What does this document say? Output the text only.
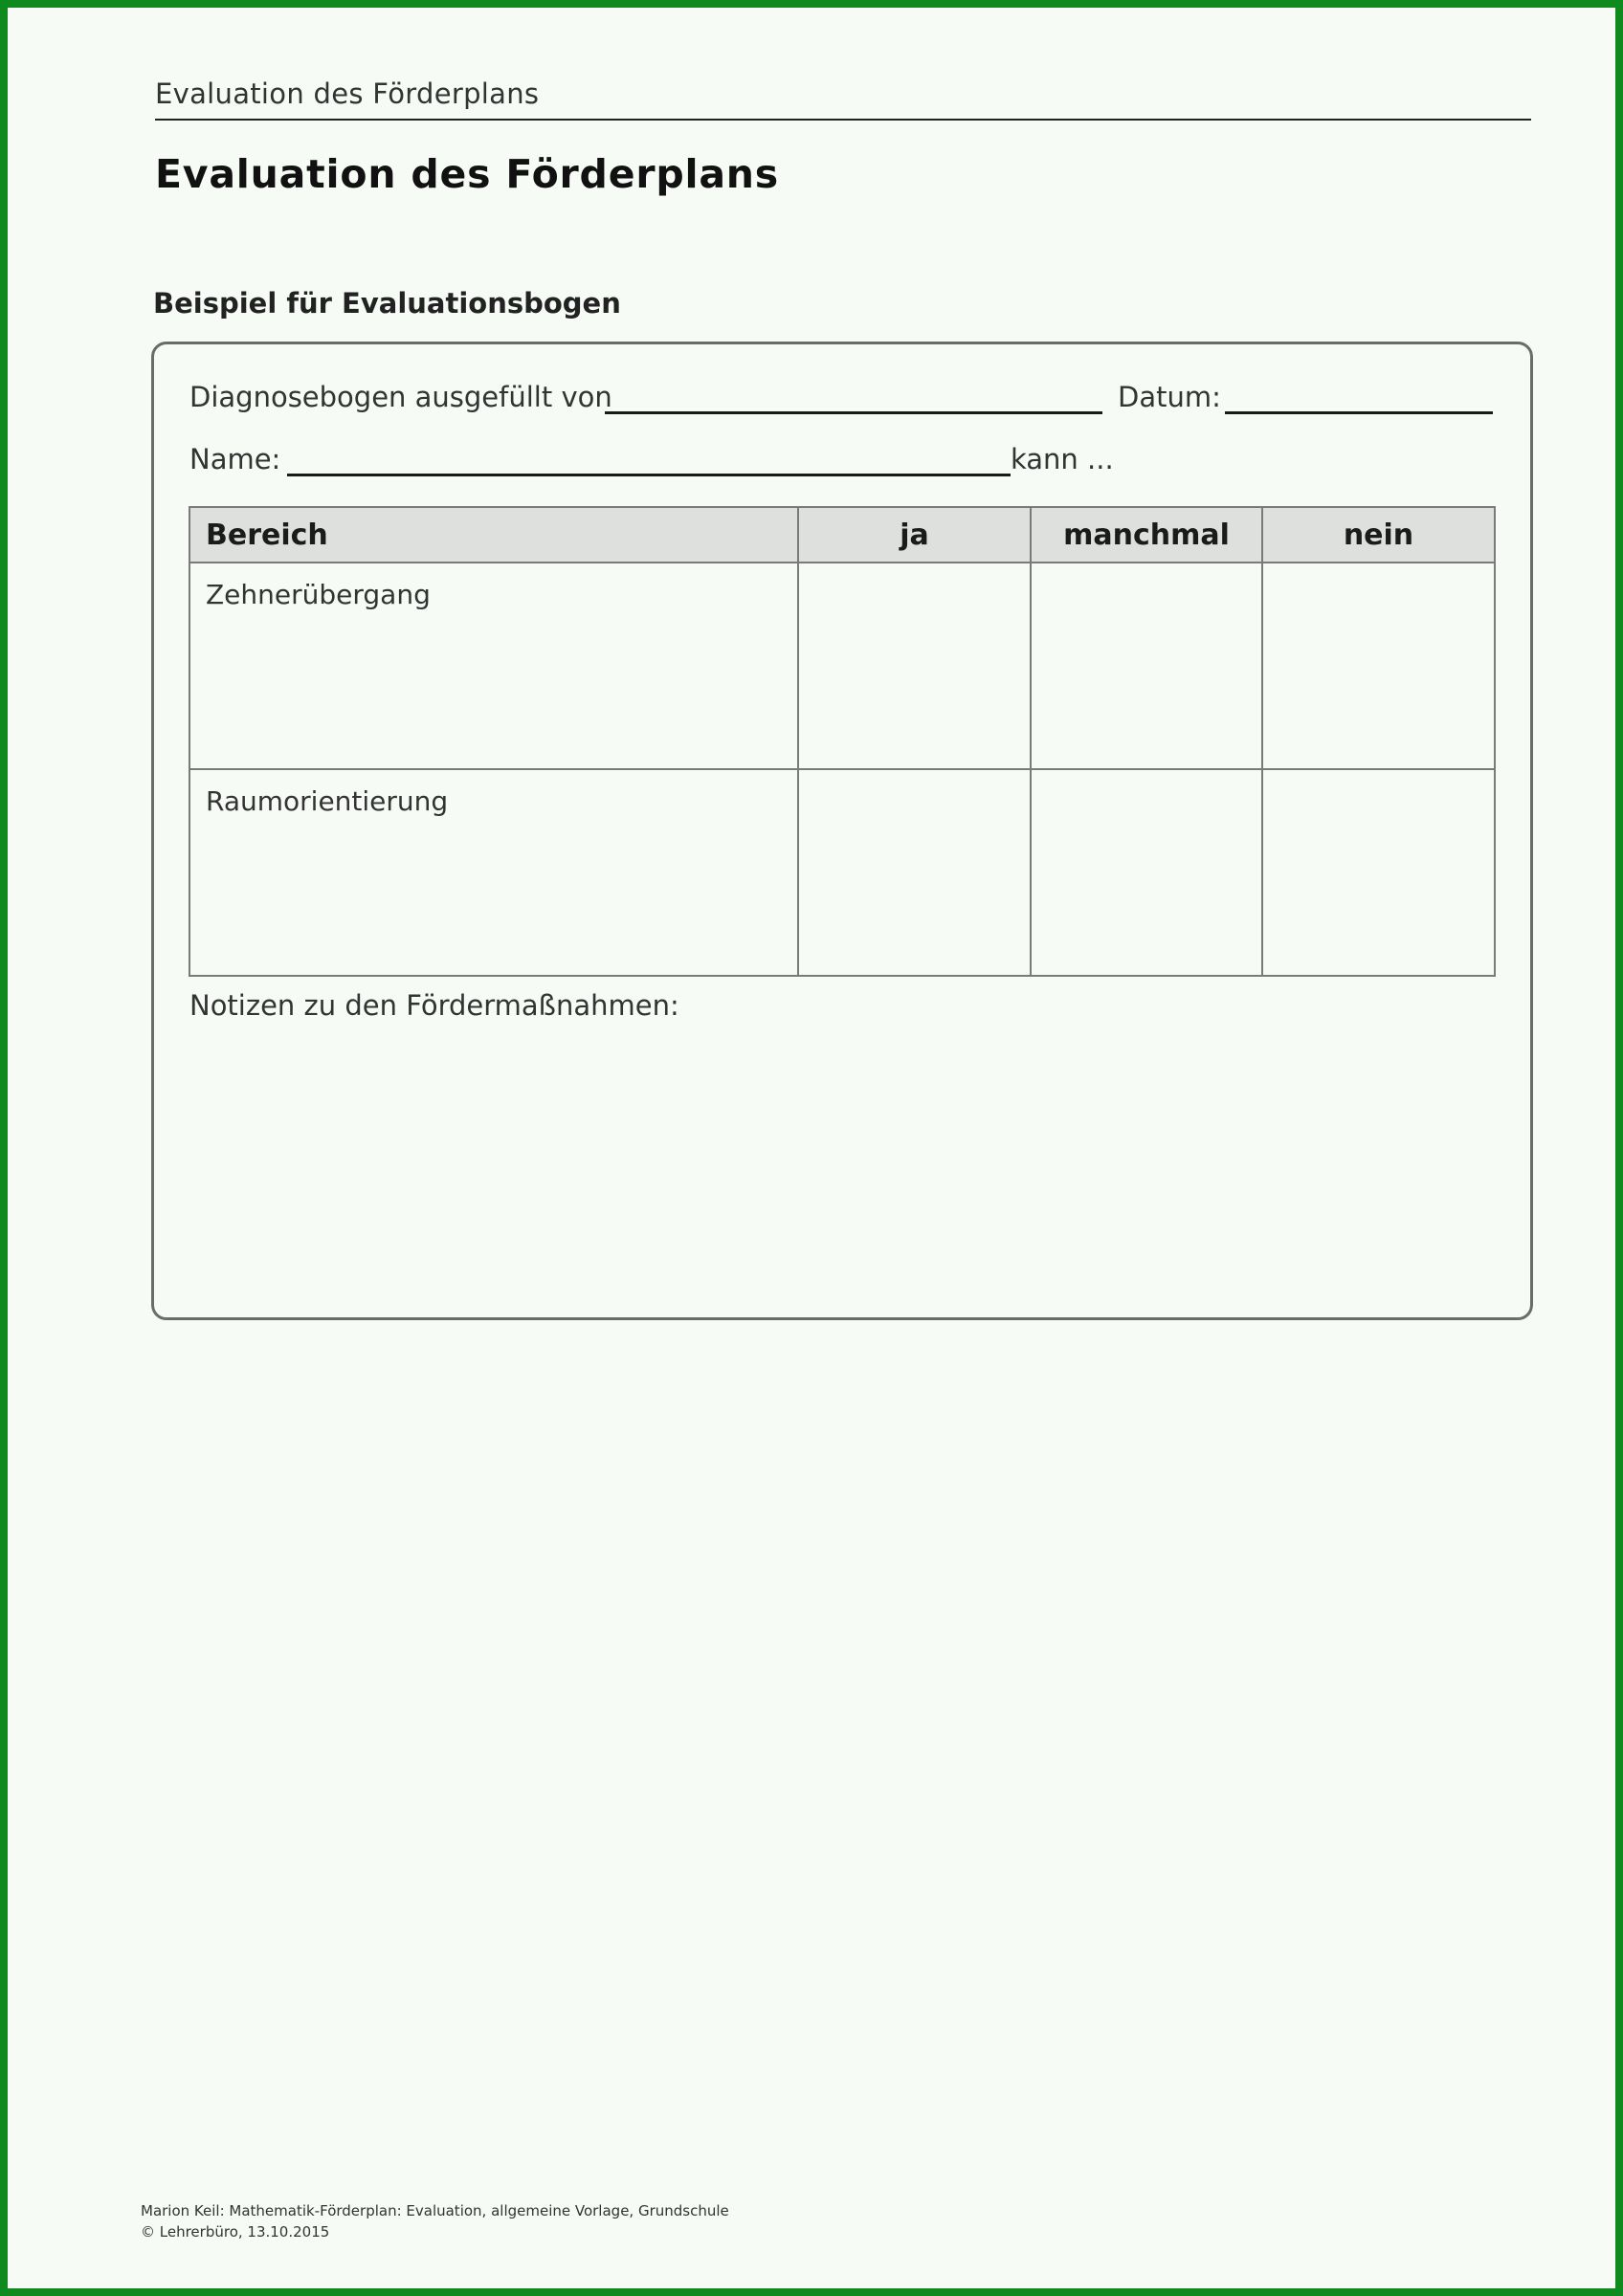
Evaluation des Förderplans
Evaluation des Förderplans
Beispiel für Evaluationsbogen
Diagnosebogen ausgefüllt von	Datum:
Name:	kann ...
Bereich	ja	manchmal	nein
Zehnerübergang			
Raumorientierung			
Notizen zu den Fördermaßnahmen:
Marion Keil: Mathematik-Förderplan: Evaluation, allgemeine Vorlage, Grundschule
© Lehrerbüro, 13.10.2015
